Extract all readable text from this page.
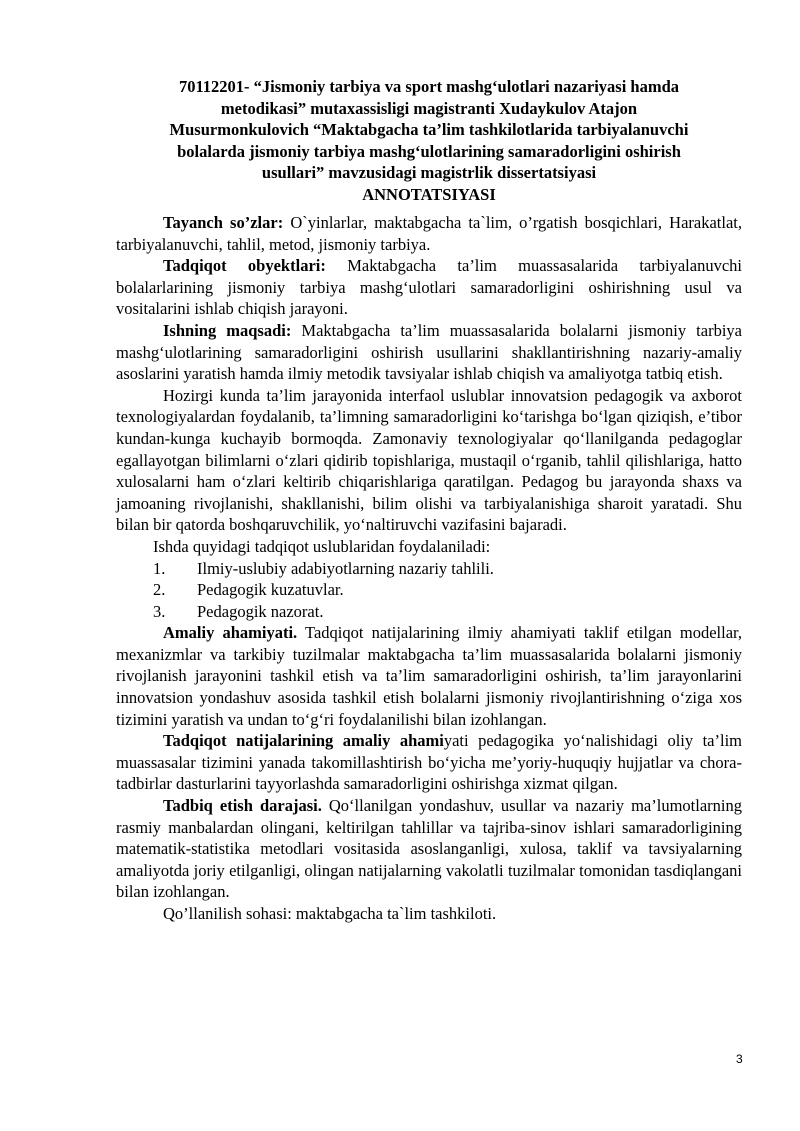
70112201- “Jismoniy tarbiya va sport mashg‘ulotlari nazariyasi hamda
metodikasi” mutaxassisligi magistranti Xudaykulov Atajon
Musurmonkulovich “Maktabgacha ta’lim tashkilotlarida tarbiyalanuvchi
bolalarda jismoniy tarbiya mashg‘ulotlarining samaradorligini oshirish
usullari” mavzusidagi magistrlik dissertatsiyasi
ANNOTATSIYASI

Tayanch so’zlar: O`yinlarlar, maktabgacha ta`lim, o’rgatish bosqichlari, Harakatlat, tarbiyalanuvchi, tahlil, metod, jismoniy tarbiya.

Tadqiqot obyektlari: Maktabgacha ta’lim muassasalarida tarbiyalanuvchi bolalarlarining jismoniy tarbiya mashg‘ulotlari samaradorligini oshirishning usul va vositalarini ishlab chiqish jarayoni.

Ishning maqsadi: Maktabgacha ta’lim muassasalarida bolalarni jismoniy tarbiya mashg‘ulotlarining samaradorligini oshirish usullarini shakllantirishning nazariy-amaliy asoslarini yaratish hamda ilmiy metodik tavsiyalar ishlab chiqish va amaliyotga tatbiq etish.

Hozirgi kunda ta’lim jarayonida interfaol uslublar innovatsion pedagogik va axborot texnologiyalardan foydalanib, ta’limning samaradorligini ko‘tarishga bo‘lgan qiziqish, e’tibor kundan-kunga kuchayib bormoqda. Zamonaviy texnologiyalar qo‘llanilganda pedagoglar egallayotgan bilimlarni o‘zlari qidirib topishlariga, mustaqil o‘rganib, tahlil qilishlariga, hatto xulosalarni ham o‘zlari keltirib chiqarishlariga qaratilgan. Pedagog bu jarayonda shaxs va jamoaning rivojlanishi, shakllanishi, bilim olishi va tarbiyalanishiga sharoit yaratadi. Shu bilan bir qatorda boshqaruvchilik, yo‘naltiruvchi vazifasini bajaradi.

Ishda quyidagi tadqiqot uslublaridan foydalaniladi:

1.	Ilmiy-uslubiy adabiyotlarning nazariy tahlili.
2.	Pedagogik kuzatuvlar.
3.	Pedagogik nazorat.

Amaliy ahamiyati. Tadqiqot natijalarining ilmiy ahamiyati taklif etilgan modellar, mexanizmlar va tarkibiy tuzilmalar maktabgacha ta’lim muassasalarida bolalarni jismoniy rivojlanish jarayonini tashkil etish va ta’lim samaradorligini oshirish, ta’lim jarayonlarini innovatsion yondashuv asosida tashkil etish bolalarni jismoniy rivojlantirishning o‘ziga xos tizimini yaratish va undan to‘g‘ri foydalanilishi bilan izohlangan.

Tadqiqot natijalarining amaliy ahamiyati pedagogika yo‘nalishidagi oliy ta’lim muassasalar tizimini yanada takomillashtirish bo‘yicha me’yoriy-huquqiy hujjatlar va chora-tadbirlar dasturlarini tayyorlashda samaradorligini oshirishga xizmat qilgan.

Tadbiq etish darajasi. Qo‘llanilgan yondashuv, usullar va nazariy ma’lumotlarning rasmiy manbalardan olingani, keltirilgan tahlillar va tajriba-sinov ishlari samaradorligining matematik-statistika metodlari vositasida asoslanganligi, xulosa, taklif va tavsiyalarning amaliyotda joriy etilganligi, olingan natijalarning vakolatli tuzilmalar tomonidan tasdiqlangani bilan izohlangan.

Qo’llanilish sohasi: maktabgacha ta`lim tashkiloti.

3
